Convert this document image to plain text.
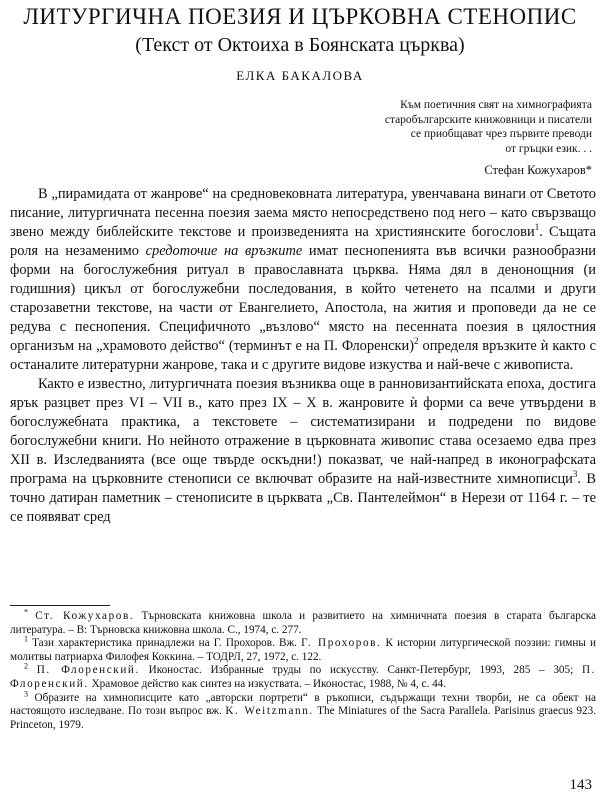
ЛИТУРГИЧНА ПОЕЗИЯ И ЦЪРКОВНА СТЕНОПИС
(Текст от Октоиха в Боянската църква)
ЕЛКА БАКАЛОВА
Към поетичния свят на химнографията
старобългарските книжовници и писатели
се приобщават чрез първите преводи
от гръцки език. . .
Стефан Кожухаров*

В „пирамидата от жанрове“ на средновековната литература, увенчавана винаги от Светото писание, литургичната песенна поезия заема място непосредствено под него – като свързващо звено между библейските текстове и произведенията на християнските богослови$^1$. Същата роля на незаменимо средоточие на връзките имат песнопенията във всички разнообразни форми на богослужебния ритуал в православната църква. Няма дял в денонощния (и годишния) цикъл от богослужебни последования, в който четенето на псалми и други старозаветни текстове, на части от Евангелието, Апостола, на жития и проповеди да не се редува с песнопения. Специфичното „възлово“ място на песенната поезия в цялостния организъм на „храмовото действо“ (терминът е на П. Флоренски)$^2$ определя връзките ѝ както с останалите литературни жанрове, така и с другите видове изкуства и най-вече с живописта.

Както е известно, литургичната поезия възниква още в ранновизантийската епоха, достига ярък разцвет през VI – VII в., като през IX – X в. жанровите ѝ форми са вече утвърдени в богослужебната практика, а текстовете – систематизирани и подредени по видове богослужебни книги. Но нейното отражение в църковната живопис става осезаемо едва през XII в. Изследванията (все още твърде оскъдни!) показват, че най-напред в иконографската програма на църковните стенописи се включват образите на най-известните химнописци$^3$. В точно датиран паметник – стенописите в църквата „Св. Пантелеймон“ в Нерези от 1164 г. – те се появяват сред

* Ст. Кожухаров. Търновската книжовна школа и развитието на химничната поезия в старата българска литература. – В: Търновска книжовна школа. С., 1974, с. 277.

$^1$ Тази характеристика принадлежи на Г. Прохоров. Вж. Г. Прохоров. К истории литургической поэзии: гимны и молитвы патриарха Филофея Коккина. – ТОДРЛ, 27, 1972, с. 122.

$^2$ П. Флоренский. Иконостас. Избранные труды по искусству. Санкт-Петербург, 1993, 285 – 305; П. Флоренский. Храмовое действо как синтез на изкуствата. – Иконостас, 1988, № 4, с. 44.

$^3$ Образите на химнописците като „авторски портрети“ в ръкописи, съдържащи техни творби, не са обект на настоящото изследване. По този въпрос вж. K. Weitzmann. The Miniatures of the Sacra Parallela. Parisinus graecus 923. Princeton, 1979.

143
